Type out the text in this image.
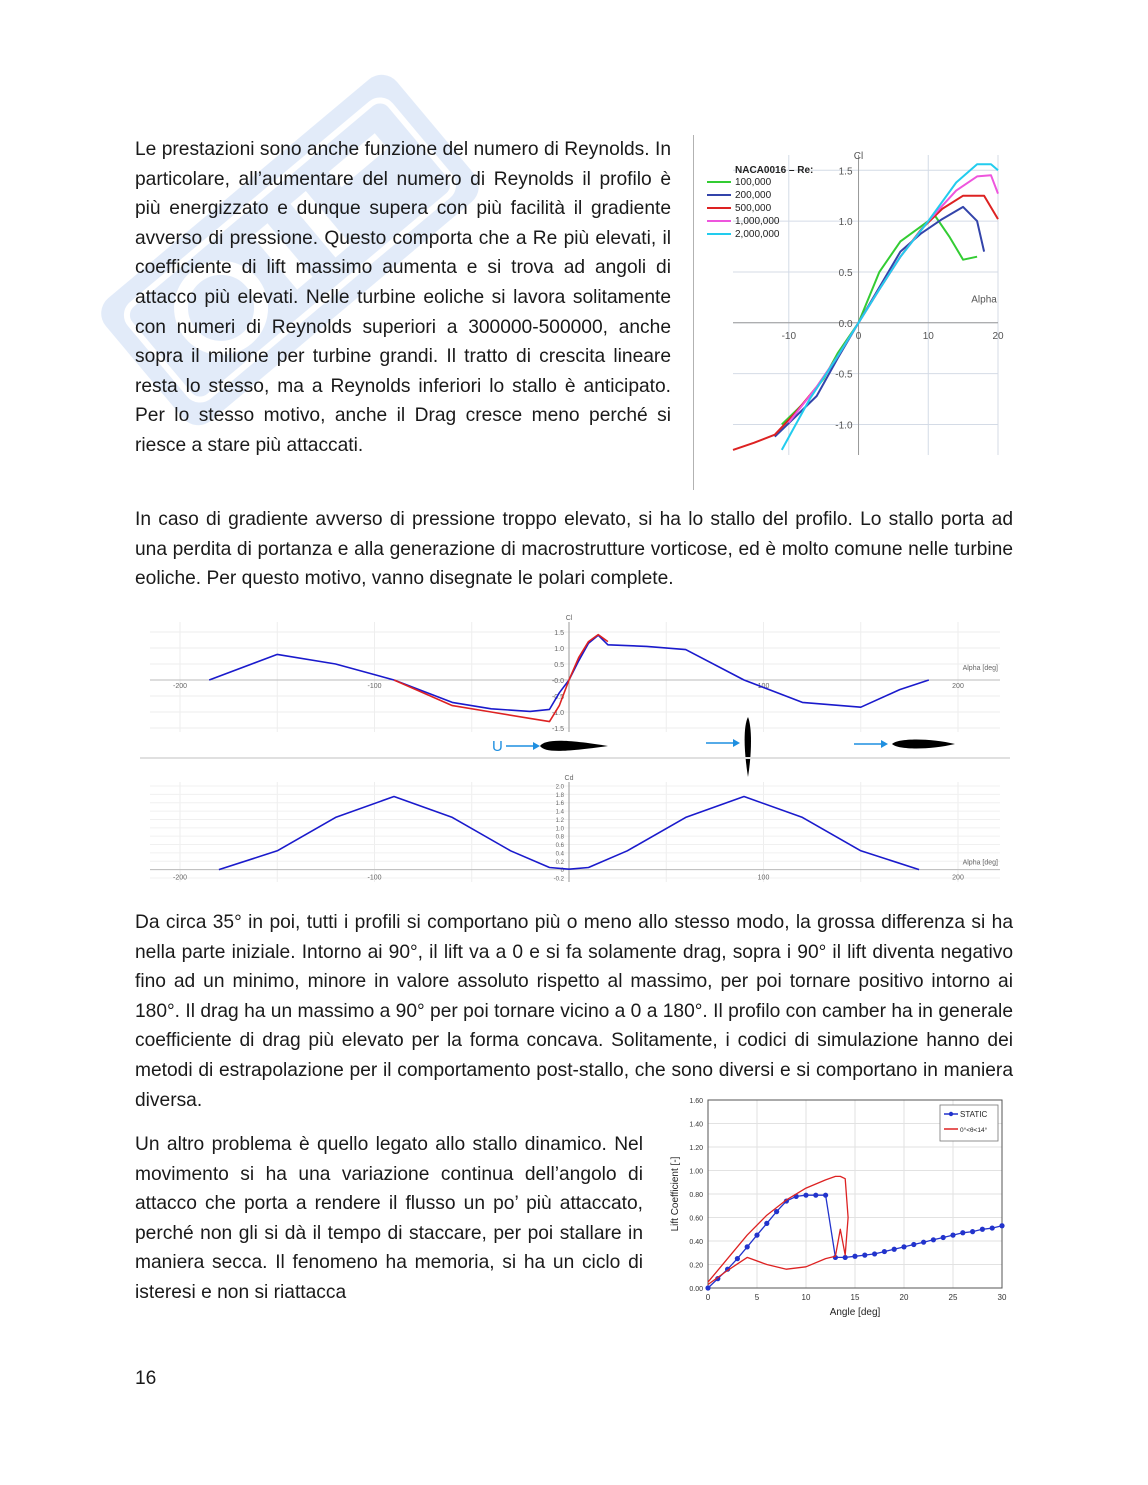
Le prestazioni sono anche funzione del numero di Reynolds. In particolare, all’aumentare del numero di Reynolds il profilo è più energizzato e dunque supera con più facilità il gradiente avverso di pressione. Questo comporta che a Re più elevati, il coefficiente di lift massimo aumenta e si trova ad angoli di attacco più elevati. Nelle turbine eoliche si lavora solitamente con numeri di Reynolds superiori a 300000-500000, anche sopra il milione per turbine grandi. Il tratto di crescita lineare resta lo stesso, ma a Reynolds inferiori lo stallo è anticipato. Per lo stesso motivo, anche il Drag cresce meno perché si riesce a stare più attaccati.

-10	0	10	20
1.5
1.0
0.5
0.0
-0.5
-1.0
Cl
Alpha
NACA0016 – Re:
100,000
200,000
500,000
1,000,000
2,000,000

In caso di gradiente avverso di pressione troppo elevato, si ha lo stallo del profilo. Lo stallo porta ad una perdita di portanza e alla generazione di macrostrutture vorticose, ed è molto comune nelle turbine eoliche. Per questo motivo, vanno disegnate le polari complete.

-200	-100	100	200
1.5
1.0
0.5
-0.0
-0.5
-1.0
-1.5
Cl
Alpha [deg]
U
-200	-100	100	200
2.0
1.8
1.6
1.4
1.2
1.0
0.8
0.6
0.4
0.2
0
-0.2
Cd
Alpha [deg]

Da circa 35° in poi, tutti i profili si comportano più o meno allo stesso modo, la grossa differenza si ha nella parte iniziale. Intorno ai 90°, il lift va a 0 e si fa solamente drag, sopra i 90° il lift diventa negativo fino ad un minimo, minore in valore assoluto rispetto al massimo, per poi tornare positivo intorno ai 180°. Il drag ha un massimo a 90° per poi tornare vicino a 0 a 180°. Il profilo con camber ha in generale coefficiente di drag più elevato per la forma concava. Solitamente, i codici di simulazione hanno dei metodi di estrapolazione per il comportamento post-stallo, che sono diversi e si comportano in maniera diversa.

0	5	10	15	20	25	30
0.00
0.20
0.40
0.60
0.80
1.00
1.20
1.40
1.60
Angle [deg]
Lift Coefficient [-]
STATIC
0°<θ<14°

Un altro problema è quello legato allo stallo dinamico. Nel movimento si ha una variazione continua dell’angolo di attacco che porta a rendere il flusso un po’ più attaccato, perché non gli si dà il tempo di staccare, per poi stallare in maniera secca. Il fenomeno ha memoria, si ha un ciclo di isteresi e non si riattacca

16
